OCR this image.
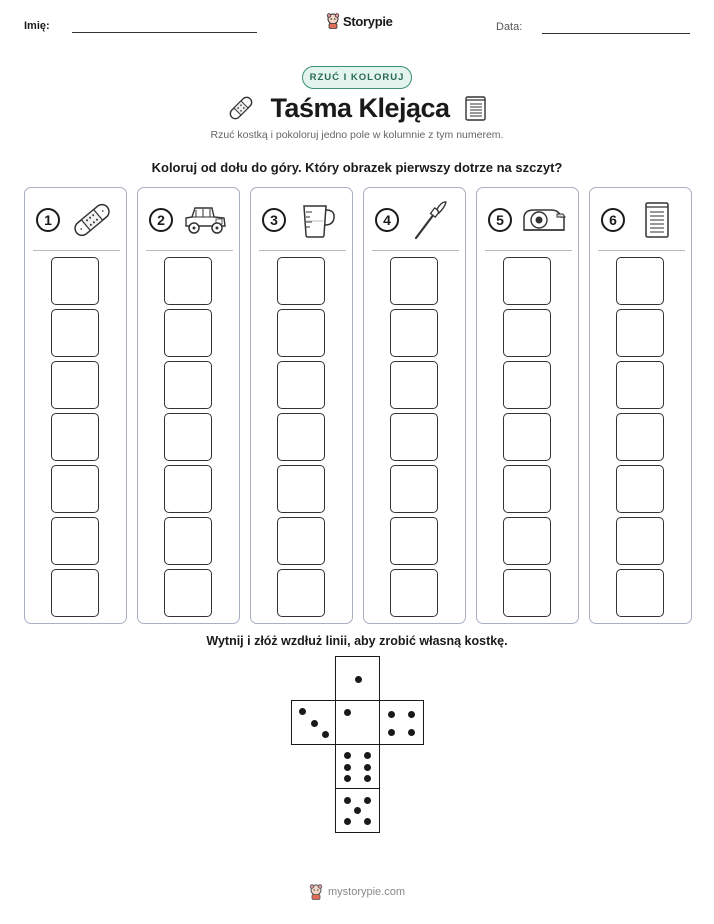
Imię:	Storypie	Data:
RZUĆ I KOLORUJ
Taśma Klejąca
Rzuć kostką i pokoloruj jedno pole w kolumnie z tym numerem.
Koloruj od dołu do góry. Który obrazek pierwszy dotrze na szczyt?
1	2	3	4	5	6
Wytnij i złóż wzdłuż linii, aby zrobić własną kostkę.
mystorypie.com
